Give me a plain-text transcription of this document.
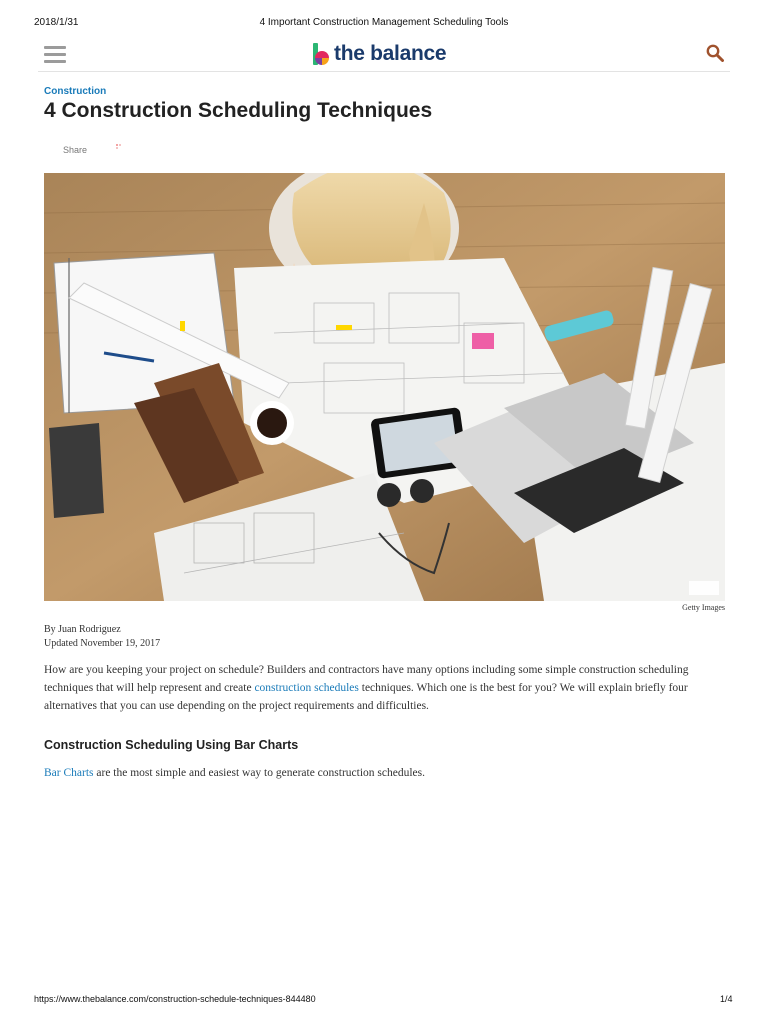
2018/1/31	4 Important Construction Management Scheduling Tools
the balance
Construction
4 Construction Scheduling Techniques
Share
Getty Images
By Juan Rodriguez
Updated November 19, 2017

How are you keeping your project on schedule? Builders and contractors have many options including some simple construction scheduling techniques that will help represent and create construction schedules techniques. Which one is the best for you? We will explain briefly four alternatives that you can use depending on the project requirements and difficulties.

Construction Scheduling Using Bar Charts

Bar Charts are the most simple and easiest way to generate construction schedules.

https://www.thebalance.com/construction-schedule-techniques-844480	1/4
